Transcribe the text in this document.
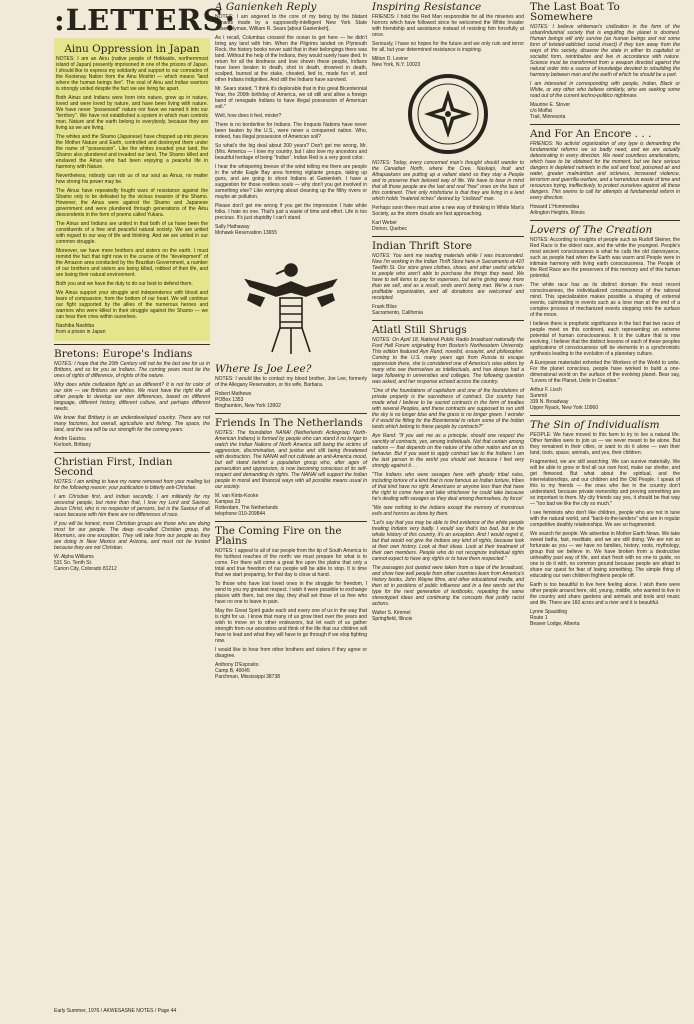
:LETTERS:
Ainu Oppression in Japan

NOTES: I am an Ainu (native people of Hokkaido, northernmost island of Japan) presently imprisoned in one of the prisons of Japan. I should like to express my solidarity and support to our comrades of the Kootenay Nation from the Ainu Moshiri — which means "land where the human beings live". The soul of Ainu and Indian warriors is strongly united despite the fact we are living far apart.

Both Ainus and Indians were born into nature, grew up in nature, loved and were loved by nature, and have been living with nature. We have never "possessed" nature nor have we named it into our "territory". We have not established a system in which man controls man. Nature and the earth belong to everybody, because they are living as we are living.

The whites and the Shamo (Japanese) have chopped up into pieces the Mother Nature and Earth, controlled and destroyed them under the name of "possession". Like the whites invaded your land, the Shamo also plundered and invaded our land. The Shamo killed and enslaved the Ainus who had been enjoying a peaceful life in harmony with Nature.

Nevertheless, nobody can rob us of our soul as Ainus, no matter how strong his power may be.

The Ainus have repeatedly fought wars of resistance against the Shamo only to be defeated by the vicious invasion of the Shamo. However, the Ainus were against the Shamo and Japanese government and were plundered through generations of the Ainu descendents in the form of poems called Yukara.

The Ainus and Indians are united in that both of us have been the constituents of a free and peaceful natural society. We are united with regard to our way of life and thinking. And we are united in our common struggle.

Moreover, we have more brothers and sisters on the earth. I must remind the fact that right now in the course of the "development" of the Amazon area conducted by the Brazilian Government, a number of our brothers and sisters are being killed, robbed of their life, and are losing their natural environment.

Both you and we have the duty to do our best to defend them.

We Ainus support your struggle and independence with blood and tears of compassion, from the bottom of our heart. We will continue our fight supported by the allies of the numerous heroes and warriors who were killed in their struggle against the Shamo — we can hear their cries within ourselves.

Nashiba Nashiba
from a prison in Japan
Bretons: Europe's Indians

NOTES: I hope that the 20th Century will not be the last one for us in Brittons, and so for you as Indians. The coming years must be the ones of rights of difference, of rights of the nature.

Why does white civilization fight us as different? It is not for color of our skin — we Brittons are whites. We must have the right like all other people to develop our own differences, based on different language, different history, different culture, and perhaps different needs.

We know that Brittany is an underdeveloped country. There are not many factories, but overall, agriculture and fishing. The space, the land, and the sea will be our strength for the coming years.

Andre Guiziou
Kerlooh, Brittany
Christian First, Indian Second

NOTES: I am writing to have my name removed from your mailing list for the following reason: your publication is bitterly anti-Christian.

I am Christian first, and Indian secondly. I am militantly for my ancestral people, but more than that, I love my Lord and Saviour, Jesus Christ, who is no respecter of persons, but is the Saviour of all races because with him there are no differences of race.

If you will be honest, more Christian groups are those who are doing most for our people. The deep so-called Christian group, the Mormons, are one exception. They will take from our people as they are doing in New Mexico and Arizona, and must not be trusted because they are not Christian.

W. Alpha Williams
531 So. Tenth St.
Canon City, Colorado 81212
A Ganienkeh Reply

NOTES: I am angered to the core of my being by the blatant remarks made by a supposedly-intelligent New York State Assemblyman, William R. Sears [about Ganienkeh].

As I recall, Columbus crossed the ocean to get here — he didn't bring any land with him. When the Pilgrims landed on Plymouth Rock, the history books never said that in their belongings there was land. Without the help of the Indians, they would surely have died. In return for all the kindness and love shown these people, Indians have been beaten to death, shot to death, drowned in death, scalped, burned at the stake, cheated, lied to, made fun of, and other Indians indignities. And still the Indians have survived.

Mr. Sears stated, "I think it's deplorable that in this great Bicentennial Year, the 200th birthday of America, we sit still and allow a foreign band of renegade Indians to have illegal possession of American soil."

Well, how does it feel, mister?

There is no borderline for Indians. The Iroquois Nations have never been beaten by the U.S., were never a conquered nation. Who, indeed, has illegal possession of American soil?

So what's the big deal about 200 years? Don't get me wrong, Mr. (Mrs. America — I love my country, but I also love my ancestors and beautiful heritage of being "Indian". Indian Red is a very good color.

I hear the whispering breeze of the wind telling me there are people in the white Eagle Bay area forming vigilante groups, taking up guns, and are going to shoot Indians at Ganienkeh. I have a suggestion for those restless souls — why don't you get involved in something else? Like worrying about cleaning up the filthy rivers or maybe air pollution.

Please don't get me wrong if you get the impression I hate white folks. I hate no one. That's just a waste of time and effort. Life is too precious. It's just stupidity I can't stand.

Sally Hathaway
Mohawk Reservation 13655
Where Is Joe Lee?

NOTES: I would like to contact my blood brother, Joe Lee, formerly of the Allegany Reservation, or his wife, Barbara.

Robert Mathews
POBox 1353
Binghamton, New York 13902
Friends In The Netherlands

NOTES: The foundation NANAI (Netherlands Actiegroep North-American Indians) is formed by people who can stand it no longer to watch the Indian Nations of North America still being the victims of aggression, discrimination, and justice and still being threatened with destruction. The NANAI will not cultivate an anti-America mood, but will stand behind a population group who, after ages of persecution and oppression, is now becoming conscious of its self-respect and demanding its rights. The NANAI will support the Indian people in moral and financial ways with all possible means usual in our society.

M. van Kints-Kooke
Kampas 23
Rotterdam, The Netherlands
telephone 010-209844
The Coming Fire on the Plains

NOTES: I appeal to all of our people from the tip of South America to the furthest reaches of the north: we must prepare for what is to come. For there will come a great fire upon the plains that only a total and true freedom of our people will be able to stop. It is time that we start preparing, for that day is close at hand.

To those who have lost loved ones in the struggle for freedom, I send to you my greatest respect. I wish it were possible to exchange places with them, but one day, they shall set those of us free who have no one to leave in pain.

May the Great Spirit guide each and every one of us in the way that is right for us. I know that many of us grow tired over the years and wish to move on to other endeavors, but let each of us gather strength from our ancestors and think of the life that our children will have to lead and what they will have to go through if we stop fighting now.

I would like to hear from other brothers and sisters if they agree or disagree.

Anthony D'Esposito
Camp B, 40045
Parchman, Mississippi 38738
Inspiring Resistance

FRIENDS: I hold the Red Man responsible for all the miseries and horrors which have followed since he welcomed the White Invader with friendship and assistance instead of resisting him forcefully at once.

Seriously, I have no hopes for the future and we only ruin and terror for all, but your determined resistance is inspiring.

Milton D. Levine
New York, N.Y. 10023

NOTES: Today, every concerned man's thought should wander to the Canadian North, where the Cree, Naskapi, Inuit and Athapaskans are putting up a valiant stand so they stay a People and to preserve their beloved way of life. We have to bear in mind that all those people are the last and real "free" ones on the face of this continent. Their only misfortune is that they are living in a land which holds "material riches" desired by "civilized" man.

Perhaps soon there must arise a new way of thinking in White Man's Society, as the storm clouds are fast approaching.

Karl Weber
Dorion, Quebec
Indian Thrift Store

NOTES: You sent me reading materials while I was incarcerated. Now I'm working in the Indian Thrift Store here in Sacramento at 410 Twelfth St. Our store gives clothes, shoes, and other useful articles to people who aren't able to purchase the things they need. We have to sell items to pay for expenses, but we're giving away more than we sell, and as a result, ends aren't being met. We're a non-profitable organization, and all donations are welcomed and receipted.

Frank Bliss
Sacramento, California
Atlatl Still Shrugs

NOTES: On April 18, National Public Radio broadcast nationally the Ford Hall Forum originating from Boston's Northeastern University. This edition featured Ayn Rand, novelist, essayist, and philosopher. Coming to the U.S. many years ago from Russia to escape oppression there, she is considered one of America's wise elders by many who see themselves as intellectuals, and has always had a large following in universities and colleges. The following question was asked, and her response echoed across the country.

"One of the foundations of capitalism and one of the foundations of private property is the sacredness of contract. Our country has made what I believe to be sacred contracts in the form of treaties with several Peoples, and these contracts are supposed to run until the sky is no longer blue and the grass is no longer green. I wonder if it would be fitting for the Bicentennial to return some of the Indian lands which belong to these people by contracts?"

Ayn Rand: "If you ask me as a principle, should one respect the sanctity of contracts, yes, among individuals. Not that certain among nations — that depends on the nature of the other nation and on its behavior. But if you want to apply contract law to the Indians I am the last person in the world you should ask because I feel very strongly against it. . .

"The Indians who were savages here with ghastly tribal rules, including torture of a kind that is now famous as Indian torture, tribes of that kind have no right. Americans or anyone less than that have the right to come here and take whichever he could take because he's dealing with savages as they deal among themselves, by force!

"We owe nothing to the Indians except the memory of monstrous evils and horrors as done by them.

"Let's say that you may be able to find evidence of the white people treating Indians very badly. I would say that's too bad, but in the whole history of this country, it's an exception. And I would regret it, but that would not give the Indians any kind of rights, because look at their own history. Look at their ideas. Look at their treatment of their own members. People who do not recognize individual rights cannot expect to have any rights or to have them respected."

The passages just quoted were taken from a tape of the broadcast, and show how well people from other countries learn from America's history books, John Wayne films, and other educational media, and then sit in positions of public influence and in a few words set the type for the next generation of textbooks, repeating the same stereotyped ideas and continuing the concepts that justify racist actions.

Walter S. Kimmel
Springfield, Illinois
The Last Boat To Somewhere

NOTES: I believe whiteman's civilization in the form of the urban/industrial society that is engulfing the planet is doomed. Human beings will only survive (as human beings and not some form of twisted-addicted social insect) if they turn away from the ways of this society, disavow the state in either its capitalist or socialist form, reintribalize and live in accordance with nature. Science must be transformed from a weapon directed against the natural order into a source of knowledge devoted to rebuilding the harmony between man and the earth of which he should be a part.

I am interested in corresponding with people, Indian, Black or White, or any other who believe similarly, who are seeking some road out of the current techno-politico nightmare.

Maurine E. Stover
c/o Moffat
Trail, Minnesota
And For An Encore . . .

FRIENDS: No activist organization of any type is demanding the fundamental reforms we so badly need, and we are actually deteriorating in every direction. We need countless ameliorations, which have to be obtained for the moment, but we face serious dangers in depleted nutrients in the soil and food, poisoned air and water, greater malnutrition and sickness, increased violence, terrorism and guerrilla warfare, and a horrendous waste of time and resources trying, ineffectively, to protect ourselves against all these dangers. This seems to call for attempts at fundamental reform in every direction.

Howard L'Hommedieu
Arlington Heights, Illinois
Lovers of The Creation

NOTES: According to insights of people such as Rudolf Steiner, the Red Race is the oldest race, and the white the youngest. People's most ancient consciousness is what he calls the old clairvoyance, such as people had when the Earth was warm and People were in intimate harmony with living earth consciousness. The People of the Red Race are the preservers of this memory and of this human potential.

The white race has as its distinct domain the most recent consciousness, the individualized consciousness of the rational mind. This specialization makes possible a shaping of external events, culminating in events such as a lone man at the end of a complex process of mechanized events stepping onto the surface of the moon.

I believe there is prophetic significance in the fact that two races of people meet on this continent, each representing an extreme potential of human consciousness. It is the culture that is now evolving, I believe that the distinct lessons of each of these peoples applications of consciousness will be elements in a synchronistic synthesis leading to the evolution of a planetary culture.

A European materialist exhorted the Workers of the World to unite. For the planet conscious, people have worked to build a one-dimensional world on the surface of the evolving planet. Bear say, "Lovers of the Planet, Unite in Creation."

Arthur F. Lisch
Summit
339 N. Broadway
Upper Nyack, New York 10960
The Sin of Individualism

PEOPLE: We have moved to this farm to try to live a natural life. Other families were to join us — we never meant to be alone. But they remained in their cities, or want to do it alone — own their land, tools, space, animals, and yes, their children.

Fragmented, we are still searching. We can survive materially. We will be able to grow or find all our own food, make our shelter, and get firewood. But what about the spiritual, and the interrelationships, and our children and the Old People. I speak of this to my friends — the ones who live in the country don't understand, because private ownership and proving something are so important to them. My city friends say yes, it should be that way — "too bad we like the city so much."

I see feminists who don't like children, people who are not in tune with the natural world, and "back-to-the-landers" who are in regular competitive deathly relationships. We are so fragmented.

We search for people. We advertise in Mother Earth News. We take sweat baths, fast, meditate, and we are still doing. We are not so fortunate as you — we have no families, history, roots, mythology, group that we believe in. We have broken from a destructive unhealthy past way of life, and start fresh with no one to guide, no one to do it with, no common ground because people are afraid to share our quest for fear of losing something. The simple thing of educating our own children frightens people off.

Earth is too beautiful to live here feeling alone. I wish there were other people around here, old, young, middle, who wanted to live in the country and share gardens and animals and tools and music and life. There are 160 acres and a river and it is beautiful.

Lynne Spaulding
Route 1
Beaver Lodge, Alberta
Early Summer, 1976 / AKWESASNE NOTES / Page 44
